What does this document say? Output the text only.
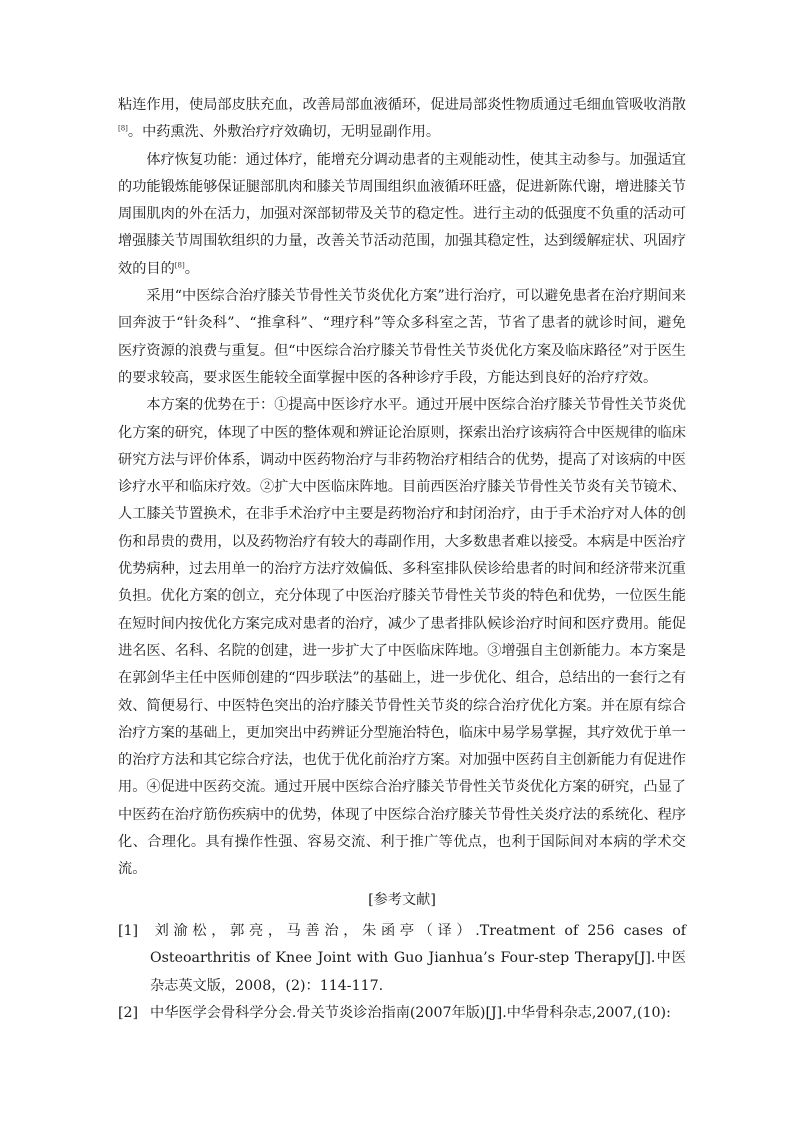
粘连作用，使局部皮肤充血，改善局部血液循环，促进局部炎性物质通过毛细血管吸收消散[8]。中药熏洗、外敷治疗疗效确切，无明显副作用。

体疗恢复功能：通过体疗，能增充分调动患者的主观能动性，使其主动参与。加强适宜的功能锻炼能够保证腿部肌肉和膝关节周围组织血液循环旺盛，促进新陈代谢，增进膝关节周围肌肉的外在活力，加强对深部韧带及关节的稳定性。进行主动的低强度不负重的活动可增强膝关节周围软组织的力量，改善关节活动范围，加强其稳定性，达到缓解症状、巩固疗效的目的[8]。

采用“中医综合治疗膝关节骨性关节炎优化方案”进行治疗，可以避免患者在治疗期间来回奔波于“针灸科”、“推拿科”、“理疗科”等众多科室之苦，节省了患者的就诊时间，避免医疗资源的浪费与重复。但“中医综合治疗膝关节骨性关节炎优化方案及临床路径”对于医生的要求较高，要求医生能较全面掌握中医的各种诊疗手段，方能达到良好的治疗疗效。

本方案的优势在于：①提高中医诊疗水平。通过开展中医综合治疗膝关节骨性关节炎优化方案的研究，体现了中医的整体观和辨证论治原则，探索出治疗该病符合中医规律的临床研究方法与评价体系，调动中医药物治疗与非药物治疗相结合的优势，提高了对该病的中医诊疗水平和临床疗效。②扩大中医临床阵地。目前西医治疗膝关节骨性关节炎有关节镜术、人工膝关节置换术，在非手术治疗中主要是药物治疗和封闭治疗，由于手术治疗对人体的创伤和昂贵的费用，以及药物治疗有较大的毒副作用，大多数患者难以接受。本病是中医治疗优势病种，过去用单一的治疗方法疗效偏低、多科室排队侯诊给患者的时间和经济带来沉重负担。优化方案的创立，充分体现了中医治疗膝关节骨性关节炎的特色和优势，一位医生能在短时间内按优化方案完成对患者的治疗，减少了患者排队候诊治疗时间和医疗费用。能促进名医、名科、名院的创建，进一步扩大了中医临床阵地。③增强自主创新能力。本方案是在郭剑华主任中医师创建的“四步联法”的基础上，进一步优化、组合，总结出的一套行之有效、简便易行、中医特色突出的治疗膝关节骨性关节炎的综合治疗优化方案。并在原有综合治疗方案的基础上，更加突出中药辨证分型施治特色，临床中易学易掌握，其疗效优于单一的治疗方法和其它综合疗法，也优于优化前治疗方案。对加强中医药自主创新能力有促进作用。④促进中医药交流。通过开展中医综合治疗膝关节骨性关节炎优化方案的研究，凸显了中医药在治疗筋伤疾病中的优势，体现了中医综合治疗膝关节骨性关炎疗法的系统化、程序化、合理化。具有操作性强、容易交流、利于推广等优点，也利于国际间对本病的学术交流。

[参考文献]

[1] 刘渝松，郭亮，马善治，朱函亭（译）.Treatment of 256 cases of Osteoarthritis of Knee Joint with Guo Jianhua’s Four-step Therapy[J].中医杂志英文版，2008，(2)：114-117.

[2] 中华医学会骨科学分会.骨关节炎诊治指南(2007年版)[J].中华骨科杂志,2007,(10):
